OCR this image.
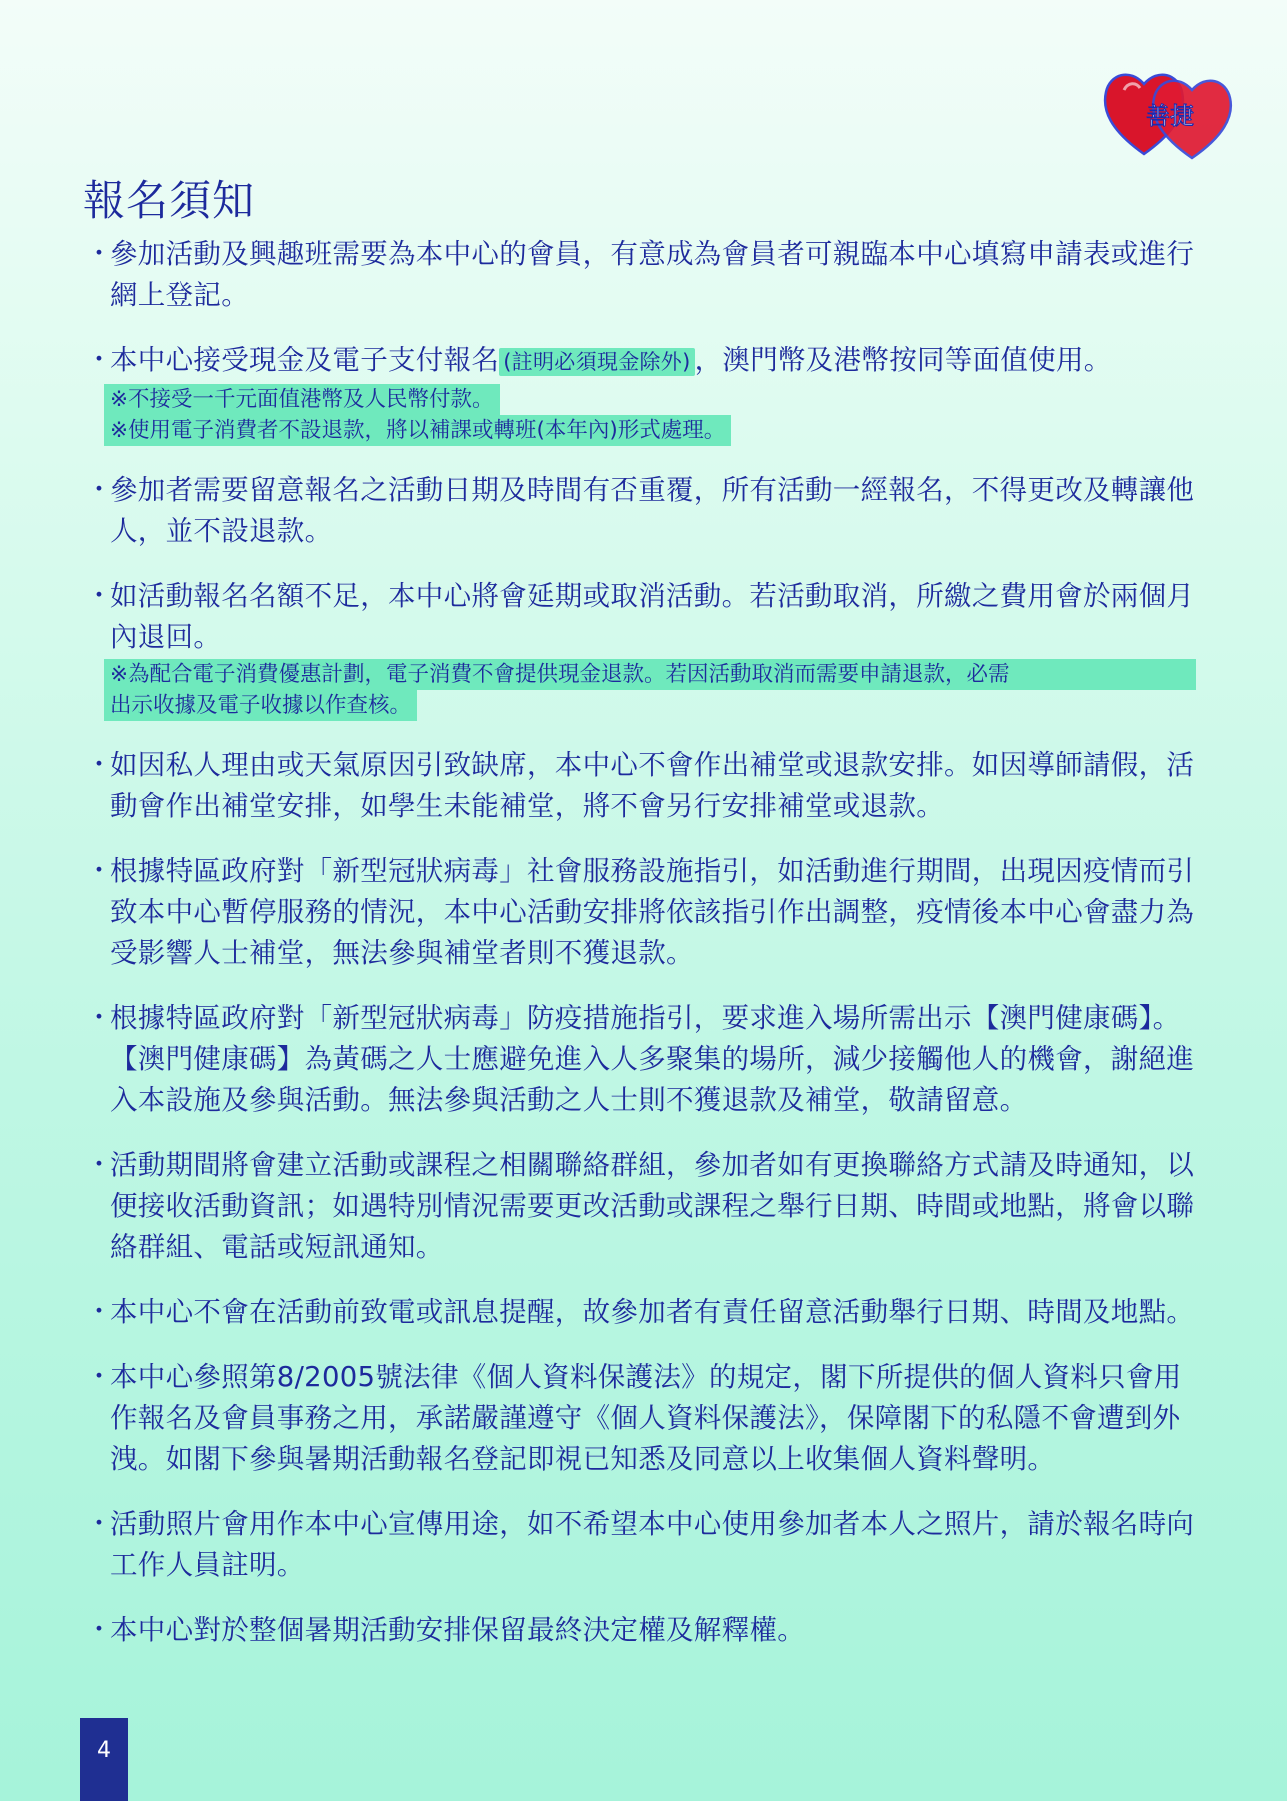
善捷
報名須知
・
參加活動及興趣班需要為本中心的會員，有意成為會員者可親臨本中心填寫申請表或進行網上登記。
・
本中心接受現金及電子支付報名 (註明必須現金除外) ，澳門幣及港幣按同等面值使用。
※不接受一千元面值港幣及人民幣付款。
※使用電子消費者不設退款，將以補課或轉班(本年內)形式處理。
・
參加者需要留意報名之活動日期及時間有否重覆，所有活動一經報名，不得更改及轉讓他人，並不設退款。
・
如活動報名名額不足，本中心將會延期或取消活動。若活動取消，所繳之費用會於兩個月內退回。
※為配合電子消費優惠計劃，電子消費不會提供現金退款。若因活動取消而需要申請退款，必需
出示收據及電子收據以作查核。
・
如因私人理由或天氣原因引致缺席，本中心不會作出補堂或退款安排。如因導師請假，活動會作出補堂安排，如學生未能補堂，將不會另行安排補堂或退款。
・
根據特區政府對「新型冠狀病毒」社會服務設施指引，如活動進行期間，出現因疫情而引致本中心暫停服務的情況，本中心活動安排將依該指引作出調整，疫情後本中心會盡力為受影響人士補堂，無法參與補堂者則不獲退款。
・
根據特區政府對「新型冠狀病毒」防疫措施指引，要求進入場所需出示【澳門健康碼】。【澳門健康碼】為黃碼之人士應避免進入人多聚集的場所，減少接觸他人的機會，謝絕進入本設施及參與活動。無法參與活動之人士則不獲退款及補堂，敬請留意。
・
活動期間將會建立活動或課程之相關聯絡群組，參加者如有更換聯絡方式請及時通知，以便接收活動資訊；如遇特別情況需要更改活動或課程之舉行日期、時間或地點，將會以聯絡群組、電話或短訊通知。
・
本中心不會在活動前致電或訊息提醒，故參加者有責任留意活動舉行日期、時間及地點。
・
本中心參照第8/2005號法律《個人資料保護法》的規定，閣下所提供的個人資料只會用作報名及會員事務之用，承諾嚴謹遵守《個人資料保護法》，保障閣下的私隱不會遭到外洩。如閣下參與暑期活動報名登記即視已知悉及同意以上收集個人資料聲明。
・
活動照片會用作本中心宣傳用途，如不希望本中心使用參加者本人之照片，請於報名時向工作人員註明。
・
本中心對於整個暑期活動安排保留最終決定權及解釋權。
4
